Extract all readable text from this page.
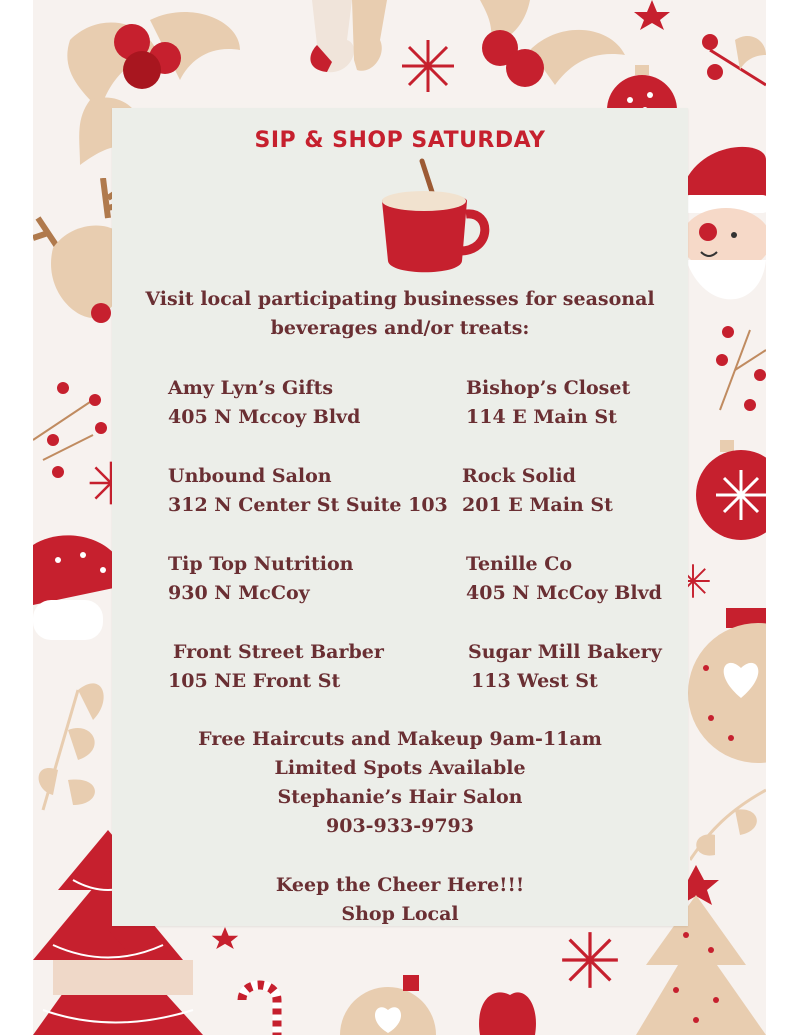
SIP & SHOP SATURDAY

Visit local participating businesses for seasonal

beverages and/or treats:

Amy Lyn’s Gifts
405 N Mccoy Blvd
Bishop’s Closet
114 E Main St
Unbound Salon
312 N Center St Suite 103
Rock Solid
201 E Main St
Tip Top Nutrition
930 N McCoy
Tenille Co
405 N McCoy Blvd
Front Street Barber
105 NE Front St
Sugar Mill Bakery
113 West St

Free Haircuts and Makeup 9am-11am

Limited Spots Available

Stephanie’s Hair Salon

903-933-9793

Keep the Cheer Here!!!

Shop Local
